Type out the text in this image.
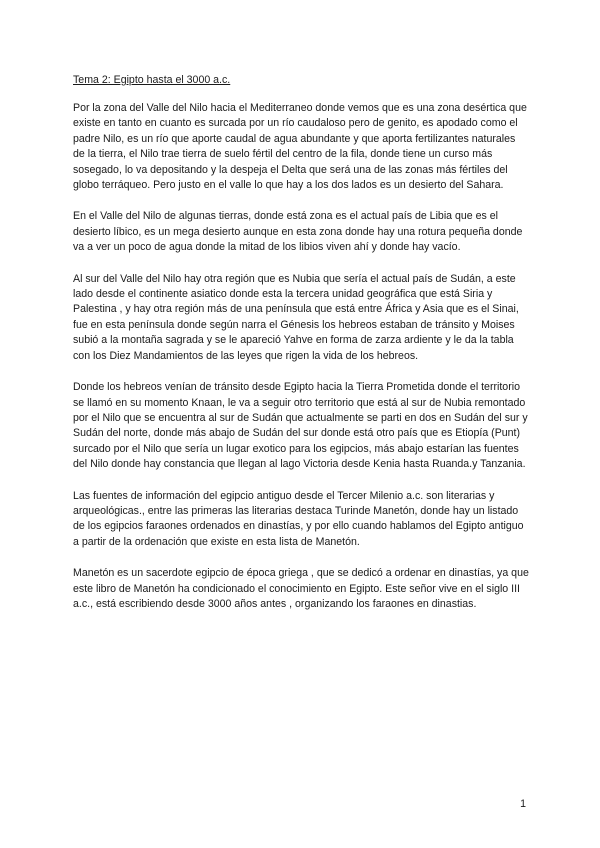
Tema 2: Egipto hasta el 3000 a.c.

Por la zona del Valle del Nilo hacia el Mediterraneo donde vemos que es una zona desértica que existe en tanto en cuanto es surcada por un río caudaloso pero de genito, es apodado como el padre Nilo, es un río que aporte caudal de agua abundante y que aporta fertilizantes naturales de la tierra, el Nilo trae tierra de suelo fértil del centro de la fila, donde tiene un curso más sosegado, lo va depositando y la despeja el Delta que será una de las zonas más fértiles del globo terráqueo. Pero justo en el valle lo que hay a los dos lados es un desierto del Sahara.

En el Valle del Nilo de algunas tierras, donde está zona es el actual país de Libia que es el desierto líbico, es un mega desierto aunque en esta zona donde hay una rotura pequeña donde va a ver un poco de agua donde la mitad de los libios viven ahí y donde hay vacío.

Al sur del Valle del Nilo hay otra región que es Nubia que sería el actual país de Sudán, a este lado desde el continente asiatico donde esta la tercera unidad geográfica que está Siria y Palestina , y hay otra región más de una península que está entre África y Asia que es el Sinai, fue en esta península donde según narra el Génesis los hebreos estaban de tránsito y Moises subió a la montaña sagrada y se le apareció Yahve en forma de zarza ardiente y le da la tabla con los Diez Mandamientos de las leyes que rigen la vida de los hebreos.

Donde los hebreos venían de tránsito desde Egipto hacia la Tierra Prometida donde el territorio se llamó en su momento Knaan, le va a seguir otro territorio que está al sur de Nubia remontado por el Nilo que se encuentra al sur de Sudán que actualmente se parti en dos en Sudán del sur y Sudán del norte, donde más abajo de Sudán del sur donde está otro país que es Etiopía (Punt) surcado por el Nilo que sería un lugar exotico para los egipcios, más abajo estarían las fuentes del Nilo donde hay constancia que llegan al lago Victoria desde Kenia hasta Ruanda.y Tanzania.

Las fuentes de información del egipcio antiguo desde el Tercer Milenio a.c. son literarias y arqueológicas., entre las primeras las literarias destaca Turinde Manetón, donde hay un listado de los egipcios faraones ordenados en dinastías, y por ello cuando hablamos del Egipto antiguo a partir de la ordenación que existe en esta lista de Manetón.

Manetón es un sacerdote egipcio de época griega , que se dedicó a ordenar en dinastías, ya que este libro de Manetón ha condicionado el conocimiento en Egipto. Este señor vive en el siglo III a.c., está escribiendo desde 3000 años antes , organizando los faraones en dinastias.

1
